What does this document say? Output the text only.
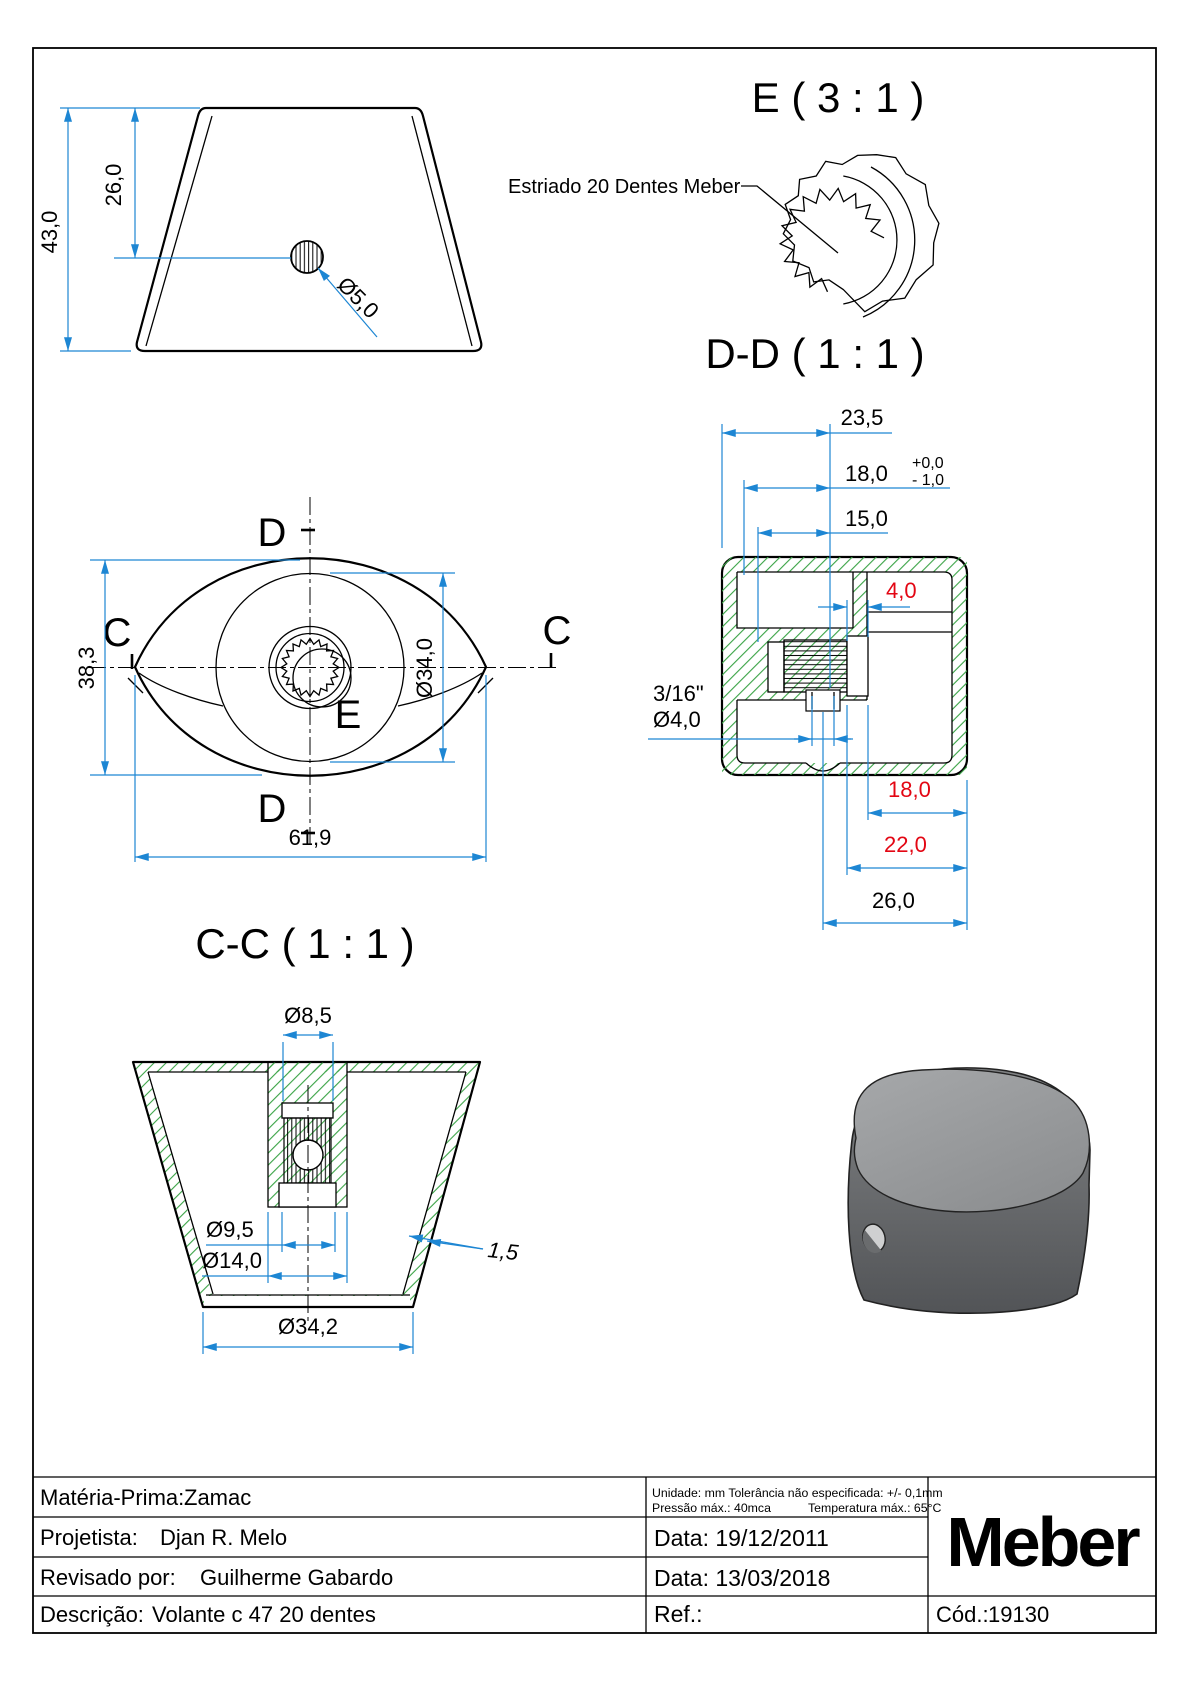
43,0
26,0
Ø5,0
E ( 3 : 1 )
Estriado 20 Dentes Meber
D
D
C	C
E
38,3	Ø34,0
61,9
D-D ( 1 : 1 )
23,5
18,0 +0,0
- 1,0
15,0
4,0
3/16"
Ø4,0
18,0
22,0
26,0
C-C ( 1 : 1 )
Ø8,5
Ø9,5
Ø14,0	1,5
Ø34,2
Matéria-Prima: Zamac
Projetista: Djan R. Melo
Revisado por: Guilherme Gabardo
Descrição: Volante c 47 20 dentes
Unidade: mm Tolerância não especificada: +/- 0,1mm
Pressão máx.: 40mca	Temperatura máx.: 65°C
Data: 19/12/2011
Data: 13/03/2018
Ref.:
Meber
Cód.: 19130
